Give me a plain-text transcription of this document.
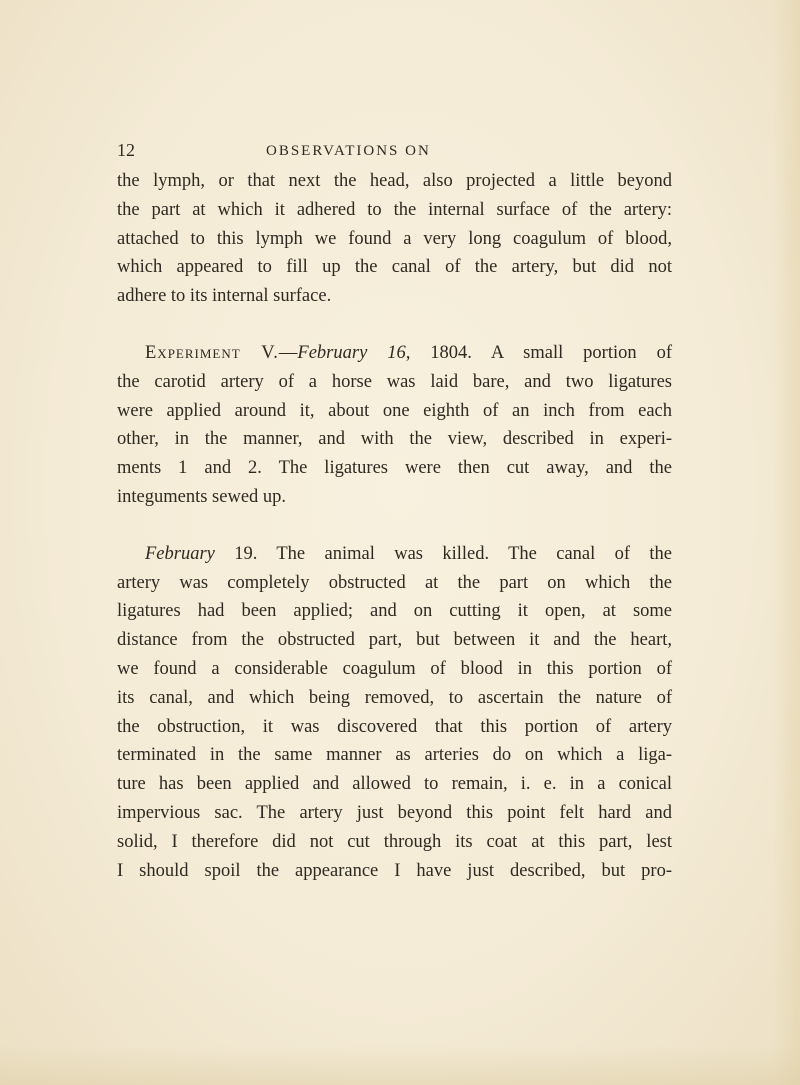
12	OBSERVATIONS ON
the lymph, or that next the head, also projected a little beyond
the part at which it adhered to the internal surface of the artery:
attached to this lymph we found a very long coagulum of blood,
which appeared to fill up the canal of the artery, but did not
adhere to its internal surface.
Experiment V.—February 16, 1804. A small portion of
the carotid artery of a horse was laid bare, and two ligatures
were applied around it, about one eighth of an inch from each
other, in the manner, and with the view, described in experi-
ments 1 and 2. The ligatures were then cut away, and the
integuments sewed up.
February 19. The animal was killed. The canal of the
artery was completely obstructed at the part on which the
ligatures had been applied; and on cutting it open, at some
distance from the obstructed part, but between it and the heart,
we found a considerable coagulum of blood in this portion of
its canal, and which being removed, to ascertain the nature of
the obstruction, it was discovered that this portion of artery
terminated in the same manner as arteries do on which a liga-
ture has been applied and allowed to remain, i. e. in a conical
impervious sac. The artery just beyond this point felt hard and
solid, I therefore did not cut through its coat at this part, lest
I should spoil the appearance I have just described, but pro-
